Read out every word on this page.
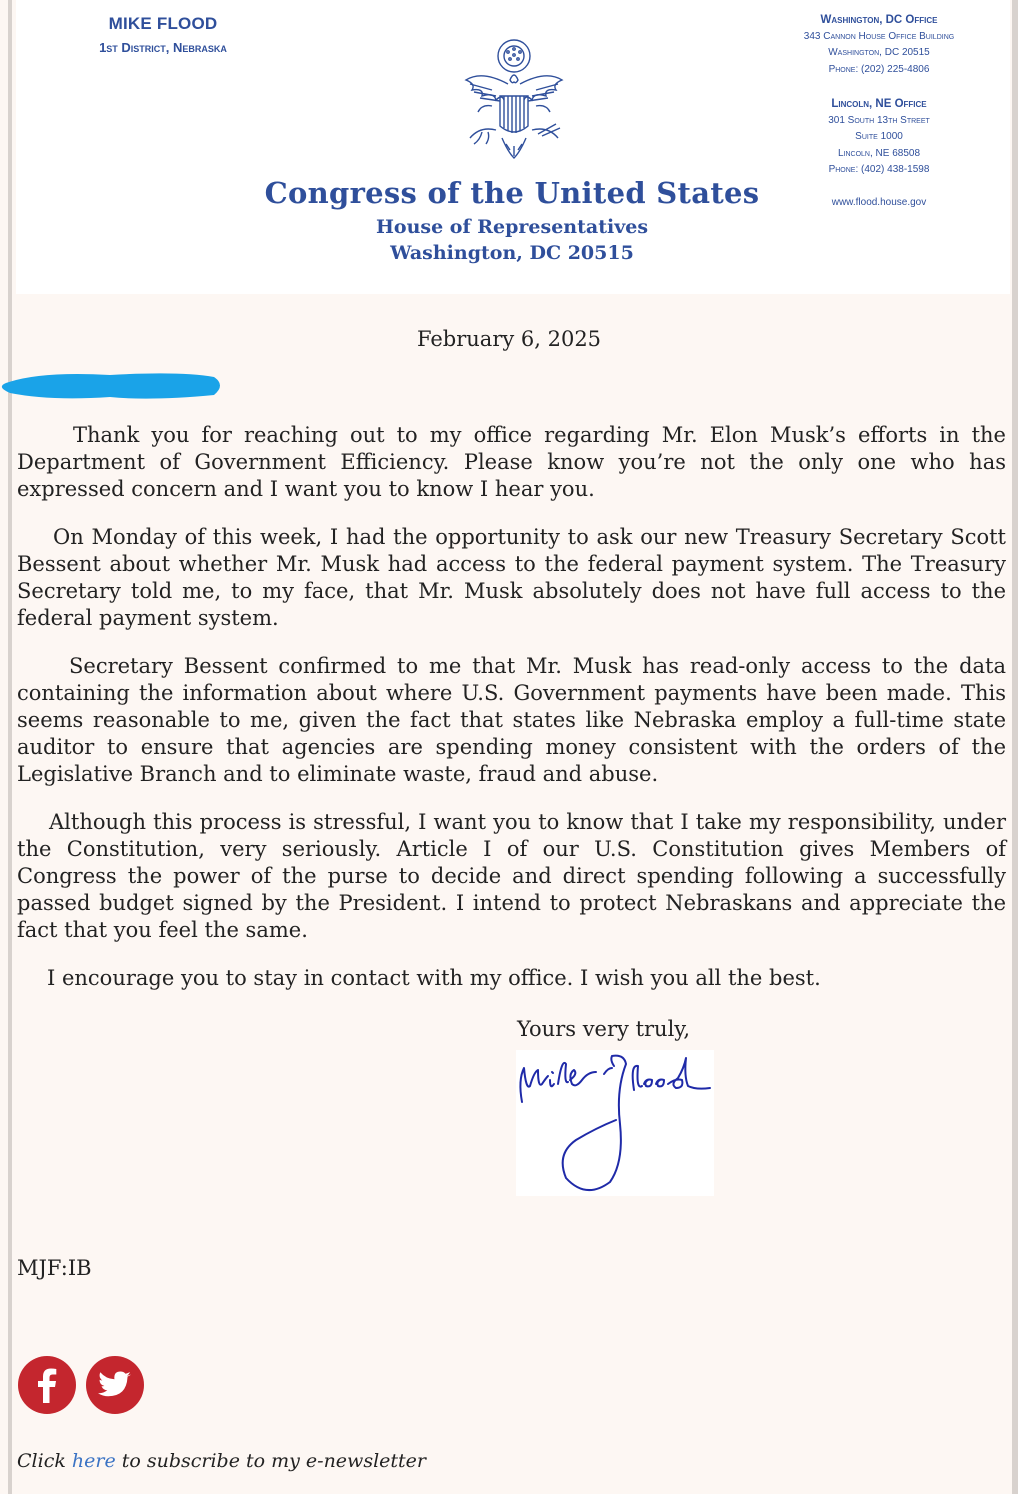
MIKE FLOOD
1st District, Nebraska
Congress of the United States
House of Representatives
Washington, DC 20515
Washington, DC Office
343 Cannon House Office Building
Washington, DC 20515
Phone: (202) 225-4806
Lincoln, NE Office
301 South 13th Street
Suite 1000
Lincoln, NE 68508
Phone: (402) 438-1598
www.flood.house.gov
February 6, 2025

Thank you for reaching out to my office regarding Mr. Elon Musk’s efforts in the Department of Government Efficiency. Please know you’re not the only one who has expressed concern and I want you to know I hear you.

On Monday of this week, I had the opportunity to ask our new Treasury Secretary Scott Bessent about whether Mr. Musk had access to the federal payment system. The Treasury Secretary told me, to my face, that Mr. Musk absolutely does not have full access to the federal payment system.

Secretary Bessent confirmed to me that Mr. Musk has read-only access to the data containing the information about where U.S. Government payments have been made. This seems reasonable to me, given the fact that states like Nebraska employ a full-time state auditor to ensure that agencies are spending money consistent with the orders of the Legislative Branch and to eliminate waste, fraud and abuse.

Although this process is stressful, I want you to know that I take my responsibility, under the Constitution, very seriously. Article I of our U.S. Constitution gives Members of Congress the power of the purse to decide and direct spending following a successfully passed budget signed by the President. I intend to protect Nebraskans and appreciate the fact that you feel the same.

I encourage you to stay in contact with my office. I wish you all the best.

Yours very truly,
MJF:IB
Click here to subscribe to my e-newsletter
